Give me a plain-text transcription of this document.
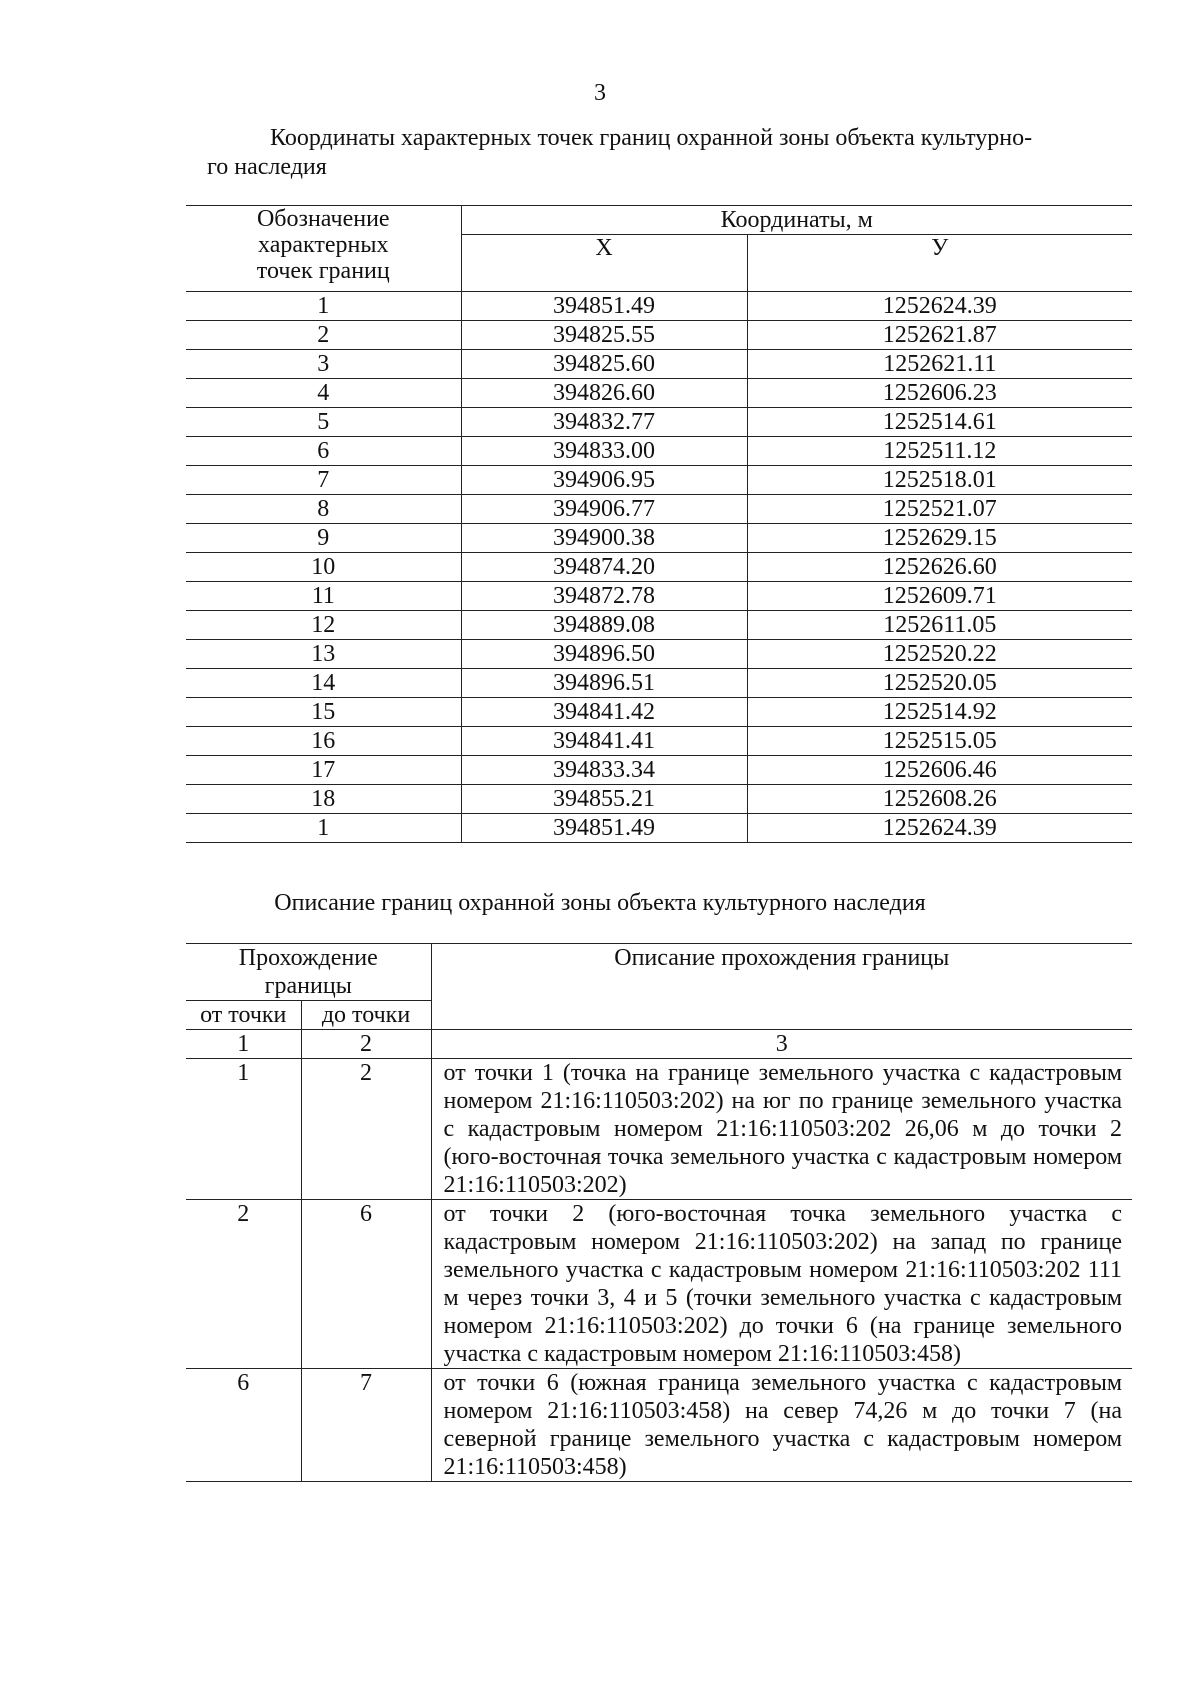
3
Координаты характерных точек границ охранной зоны объекта культурно-
го наследия
Обозначение характерных точек границ	Координаты, м	
	Х	У
1	394851.49	1252624.39
2	394825.55	1252621.87
3	394825.60	1252621.11
4	394826.60	1252606.23
5	394832.77	1252514.61
6	394833.00	1252511.12
7	394906.95	1252518.01
8	394906.77	1252521.07
9	394900.38	1252629.15
10	394874.20	1252626.60
11	394872.78	1252609.71
12	394889.08	1252611.05
13	394896.50	1252520.22
14	394896.51	1252520.05
15	394841.42	1252514.92
16	394841.41	1252515.05
17	394833.34	1252606.46
18	394855.21	1252608.26
1	394851.49	1252624.39
Описание границ охранной зоны объекта культурного наследия
Прохождение границы		Описание прохождения границы
от точки	до точки	
1	2	3
1	2	от точки 1 (точка на границе земельного участка с кадастровым номером 21:16:110503:202) на юг по границе земельного участка с кадастровым номером 21:16:110503:202 26,06 м до точки 2 (юго-восточная точка земельного участка с кадастровым номером 21:16:110503:202)
2	6	от точки 2 (юго-восточная точка земельного участка с кадастровым номером 21:16:110503:202) на запад по границе земельного участка с кадастровым номером 21:16:110503:202 111 м через точки 3, 4 и 5 (точки земельного участка с кадастровым номером 21:16:110503:202) до точки 6 (на границе земельного участка с кадастровым номером 21:16:110503:458)
6	7	от точки 6 (южная граница земельного участка с кадастровым номером 21:16:110503:458) на север 74,26 м до точки 7 (на северной границе земельного участка с кадастровым номером 21:16:110503:458)
